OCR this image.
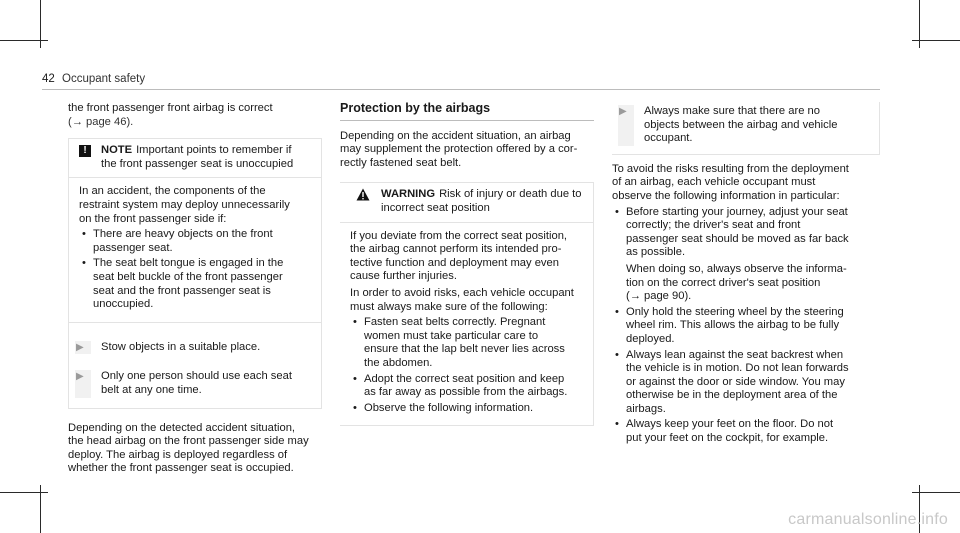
42 Occupant safety

the front passenger front airbag is correct
(→ page 46).

!	NOTE Important points to remember if
the front passenger seat is unoccupied

In an accident, the components of the
restraint system may deploy unnecessarily
on the front passenger side if:

• There are heavy objects on the front
passenger seat.
• The seat belt tongue is engaged in the
seat belt buckle of the front passenger
seat and the front passenger seat is
unoccupied.
▶ Stow objects in a suitable place.
▶ Only one person should use each seat
belt at any one time.

Depending on the detected accident situation,
the head airbag on the front passenger side may
deploy. The airbag is deployed regardless of
whether the front passenger seat is occupied.

Protection by the airbags

Depending on the accident situation, an airbag
may supplement the protection offered by a cor-
rectly fastened seat belt.

WARNING Risk of injury or death due to
incorrect seat position

If you deviate from the correct seat position,
the airbag cannot perform its intended pro-
tective function and deployment may even
cause further injuries.

In order to avoid risks, each vehicle occupant
must always make sure of the following:

• Fasten seat belts correctly. Pregnant
women must take particular care to
ensure that the lap belt never lies across
the abdomen.
• Adopt the correct seat position and keep
as far away as possible from the airbags.
• Observe the following information.
▶ Always make sure that there are no
objects between the airbag and vehicle
occupant.

To avoid the risks resulting from the deployment
of an airbag, each vehicle occupant must
observe the following information in particular:

• Before starting your journey, adjust your seat
correctly; the driver's seat and front
passenger seat should be moved as far back
as possible.
When doing so, always observe the informa-
tion on the correct driver's seat position
(→ page 90).
• Only hold the steering wheel by the steering
wheel rim. This allows the airbag to be fully
deployed.
• Always lean against the seat backrest when
the vehicle is in motion. Do not lean forwards
or against the door or side window. You may
otherwise be in the deployment area of the
airbags.
• Always keep your feet on the floor. Do not
put your feet on the cockpit, for example.
carmanualsonline.info
